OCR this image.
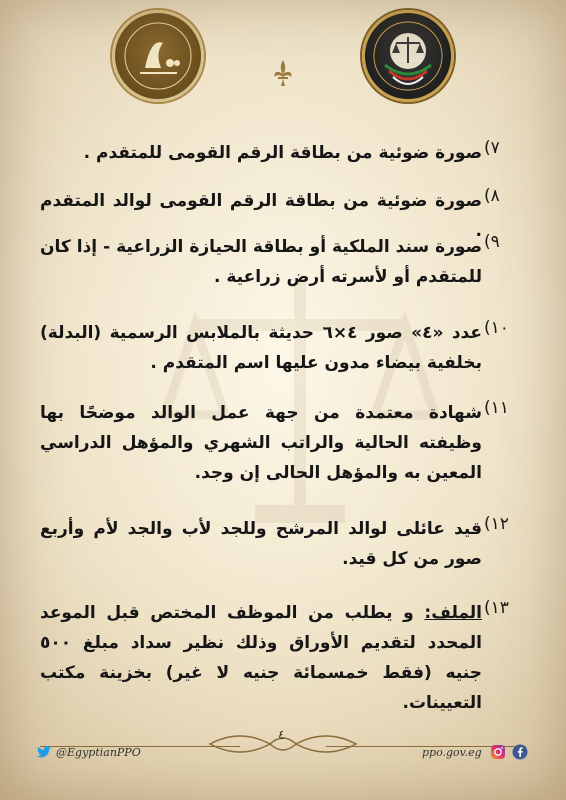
٧)
صورة ضوئية من بطاقة الرقم القومى للمتقدم .
٨)
صورة ضوئية من بطاقة الرقم القومى لوالد المتقدم .
٩)
صورة سند الملكية أو بطاقة الحيازة الزراعية - إذا كان للمتقدم أو لأسرته أرض زراعية .
١٠)
عدد «٤» صور ٤×٦ حديثة بالملابس الرسمية (البدلة) بخلفية بيضاء مدون عليها اسم المتقدم .
١١)
شهادة معتمدة من جهة عمل الوالد موضحًا بها وظيفته الحالية والراتب الشهري والمؤهل الدراسي المعين به والمؤهل الحالى إن وجد.
١٢)
قيد عائلى لوالد المرشح وللجد لأب والجد لأم وأربع صور من كل قيد.
١٣)
الملف: و يطلب من الموظف المختص قبل الموعد المحدد لتقديم الأوراق وذلك نظير سداد مبلغ ٥٠٠ جنيه (فقط خمسمائة جنيه لا غير) بخزينة مكتب التعيينات.
٤
@EgyptianPPO	ppo.gov.eg
